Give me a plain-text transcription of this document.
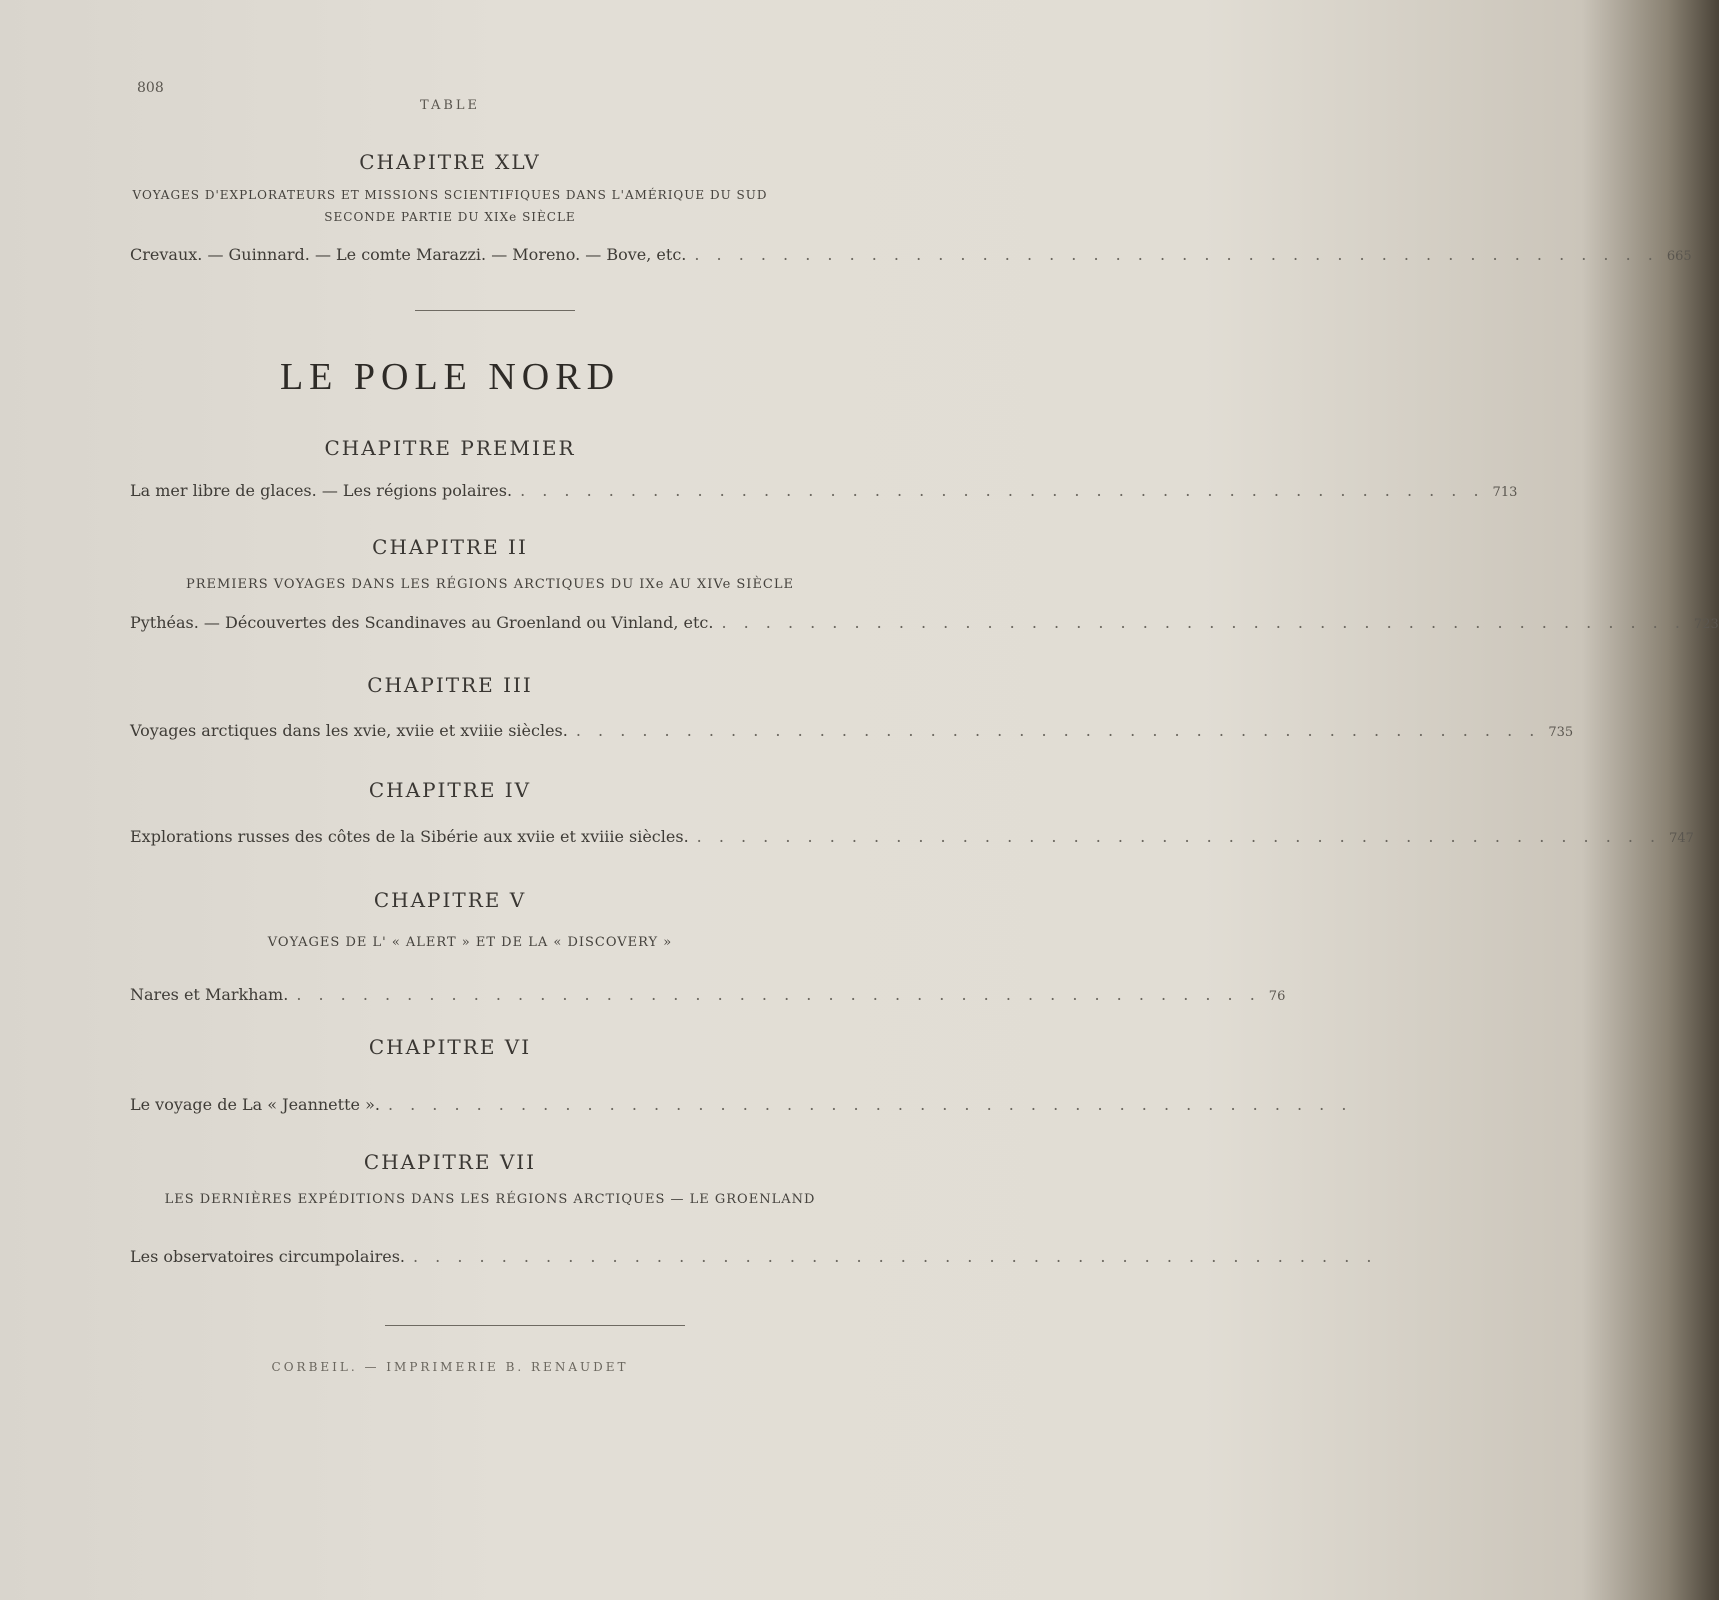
808
TABLE
CHAPITRE XLV
VOYAGES D'EXPLORATEURS ET MISSIONS SCIENTIFIQUES DANS L'AMÉRIQUE DU SUD
SECONDE PARTIE DU XIXe SIÈCLE
Crevaux. — Guinnard. — Le comte Marazzi. — Moreno. — Bove, etc. . . . . . . . . . . . . . . . . . . . . . . . . . . . . . . . . . . . . . . . . . . . . 665
LE POLE NORD
CHAPITRE PREMIER
La mer libre de glaces. — Les régions polaires. . . . . . . . . . . . . . . . . . . . . . . . . . . . . . . . . . . . . . . . . . . . . 713
CHAPITRE II
PREMIERS VOYAGES DANS LES RÉGIONS ARCTIQUES DU IXe AU XIVe SIÈCLE
Pythéas. — Découvertes des Scandinaves au Groenland ou Vinland, etc. . . . . . . . . . . . . . . . . . . . . . . . . . . . . . . . . . . . . . . . . . . . . 723
CHAPITRE III
Voyages arctiques dans les xvie, xviie et xviiie siècles. . . . . . . . . . . . . . . . . . . . . . . . . . . . . . . . . . . . . . . . . . . . . 735
CHAPITRE IV
Explorations russes des côtes de la Sibérie aux xviie et xviiie siècles. . . . . . . . . . . . . . . . . . . . . . . . . . . . . . . . . . . . . . . . . . . . . 747
CHAPITRE V
VOYAGES DE L' « ALERT » ET DE LA « DISCOVERY »
Nares et Markham. . . . . . . . . . . . . . . . . . . . . . . . . . . . . . . . . . . . . . . . . . . . . 76
CHAPITRE VI
Le voyage de La « Jeannette ». . . . . . . . . . . . . . . . . . . . . . . . . . . . . . . . . . . . . . . . . . . . .
CHAPITRE VII
LES DERNIÈRES EXPÉDITIONS DANS LES RÉGIONS ARCTIQUES — LE GROENLAND
Les observatoires circumpolaires. . . . . . . . . . . . . . . . . . . . . . . . . . . . . . . . . . . . . . . . . . . . .
CORBEIL. — IMPRIMERIE B. RENAUDET
